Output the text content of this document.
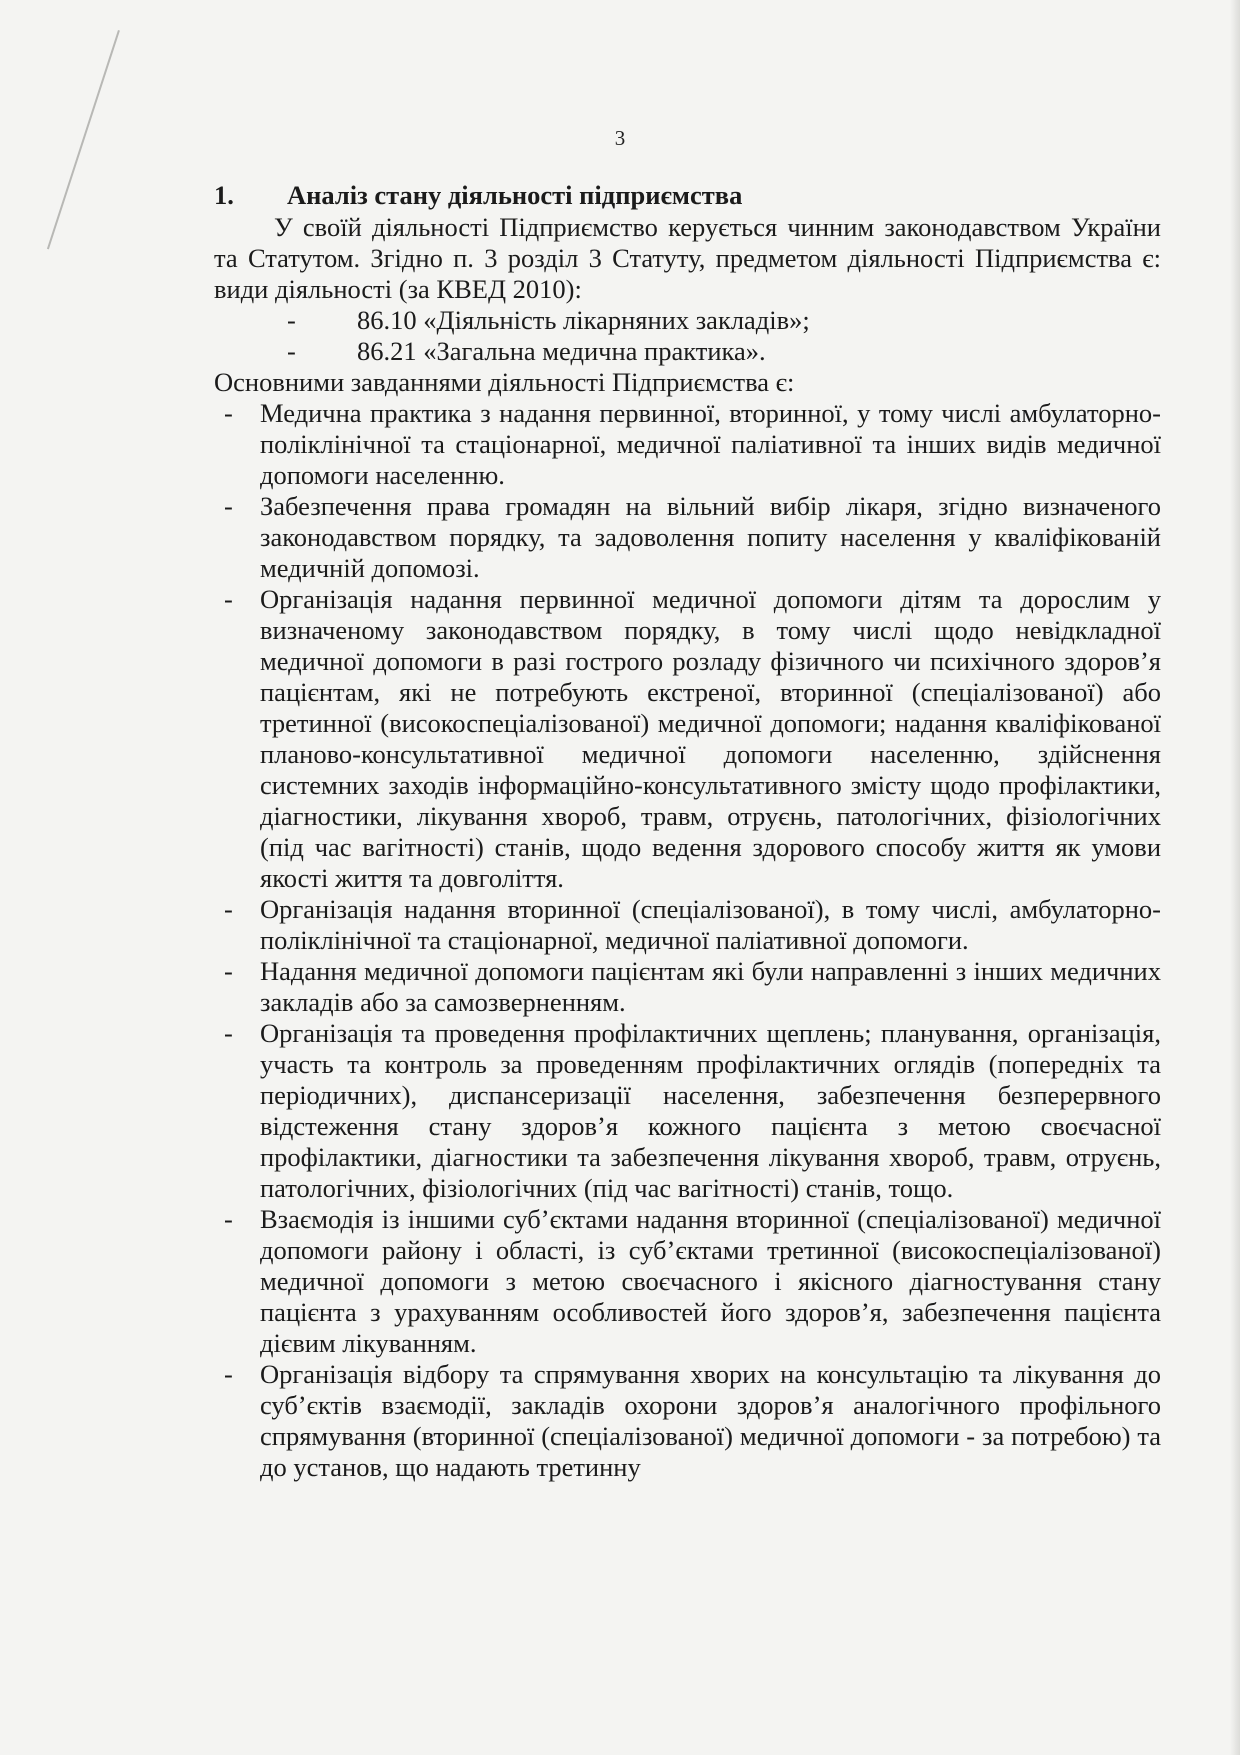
3
1.	Аналіз стану діяльності підприємства

У своїй діяльності Підприємство керується чинним законодавством України та Статутом. Згідно п. 3 розділ 3 Статуту, предметом діяльності Підприємства є: види діяльності (за КВЕД 2010):

-	86.10 «Діяльність лікарняних закладів»;
-	86.21 «Загальна медична практика».

Основними завданнями діяльності Підприємства є:

- Медична практика з надання первинної, вторинної, у тому числі амбулаторно- поліклінічної та стаціонарної, медичної паліативної та інших видів медичної допомоги населенню.
- Забезпечення права громадян на вільний вибір лікаря, згідно визначеного законодавством порядку, та задоволення попиту населення у кваліфікованій медичній допомозі.
- Організація надання первинної медичної допомоги дітям та дорослим у визначеному законодавством порядку, в тому числі щодо невідкладної медичної допомоги в разі гострого розладу фізичного чи психічного здоров’я пацієнтам, які не потребують екстреної, вторинної (спеціалізованої) або третинної (високоспеціалізованої) медичної допомоги; надання кваліфікованої планово-консультативної медичної допомоги населенню, здійснення системних заходів інформаційно-консультативного змісту щодо профілактики, діагностики, лікування хвороб, травм, отруєнь, патологічних, фізіологічних (під час вагітності) станів, щодо ведення здорового способу життя як умови якості життя та довголіття.
- Організація надання вторинної (спеціалізованої), в тому числі, амбулаторно-поліклінічної та стаціонарної, медичної паліативної допомоги.
- Надання медичної допомоги пацієнтам які були направленні з інших медичних закладів або за самозверненням.
- Організація та проведення профілактичних щеплень; планування, організація, участь та контроль за проведенням профілактичних оглядів (попередніх та періодичних), диспансеризації населення, забезпечення безперервного відстеження стану здоров’я кожного пацієнта з метою своєчасної профілактики, діагностики та забезпечення лікування хвороб, травм, отруєнь, патологічних, фізіологічних (під час вагітності) станів, тощо.
- Взаємодія із іншими суб’єктами надання вторинної (спеціалізованої) медичної допомоги району і області, із суб’єктами третинної (високоспеціалізованої) медичної допомоги з метою своєчасного і якісного діагностування стану пацієнта з урахуванням особливостей його здоров’я, забезпечення пацієнта дієвим лікуванням.
- Організація відбору та спрямування хворих на консультацію та лікування до суб’єктів взаємодії, закладів охорони здоров’я аналогічного профільного спрямування (вторинної (спеціалізованої) медичної допомоги - за потребою) та до установ, що надають третинну
